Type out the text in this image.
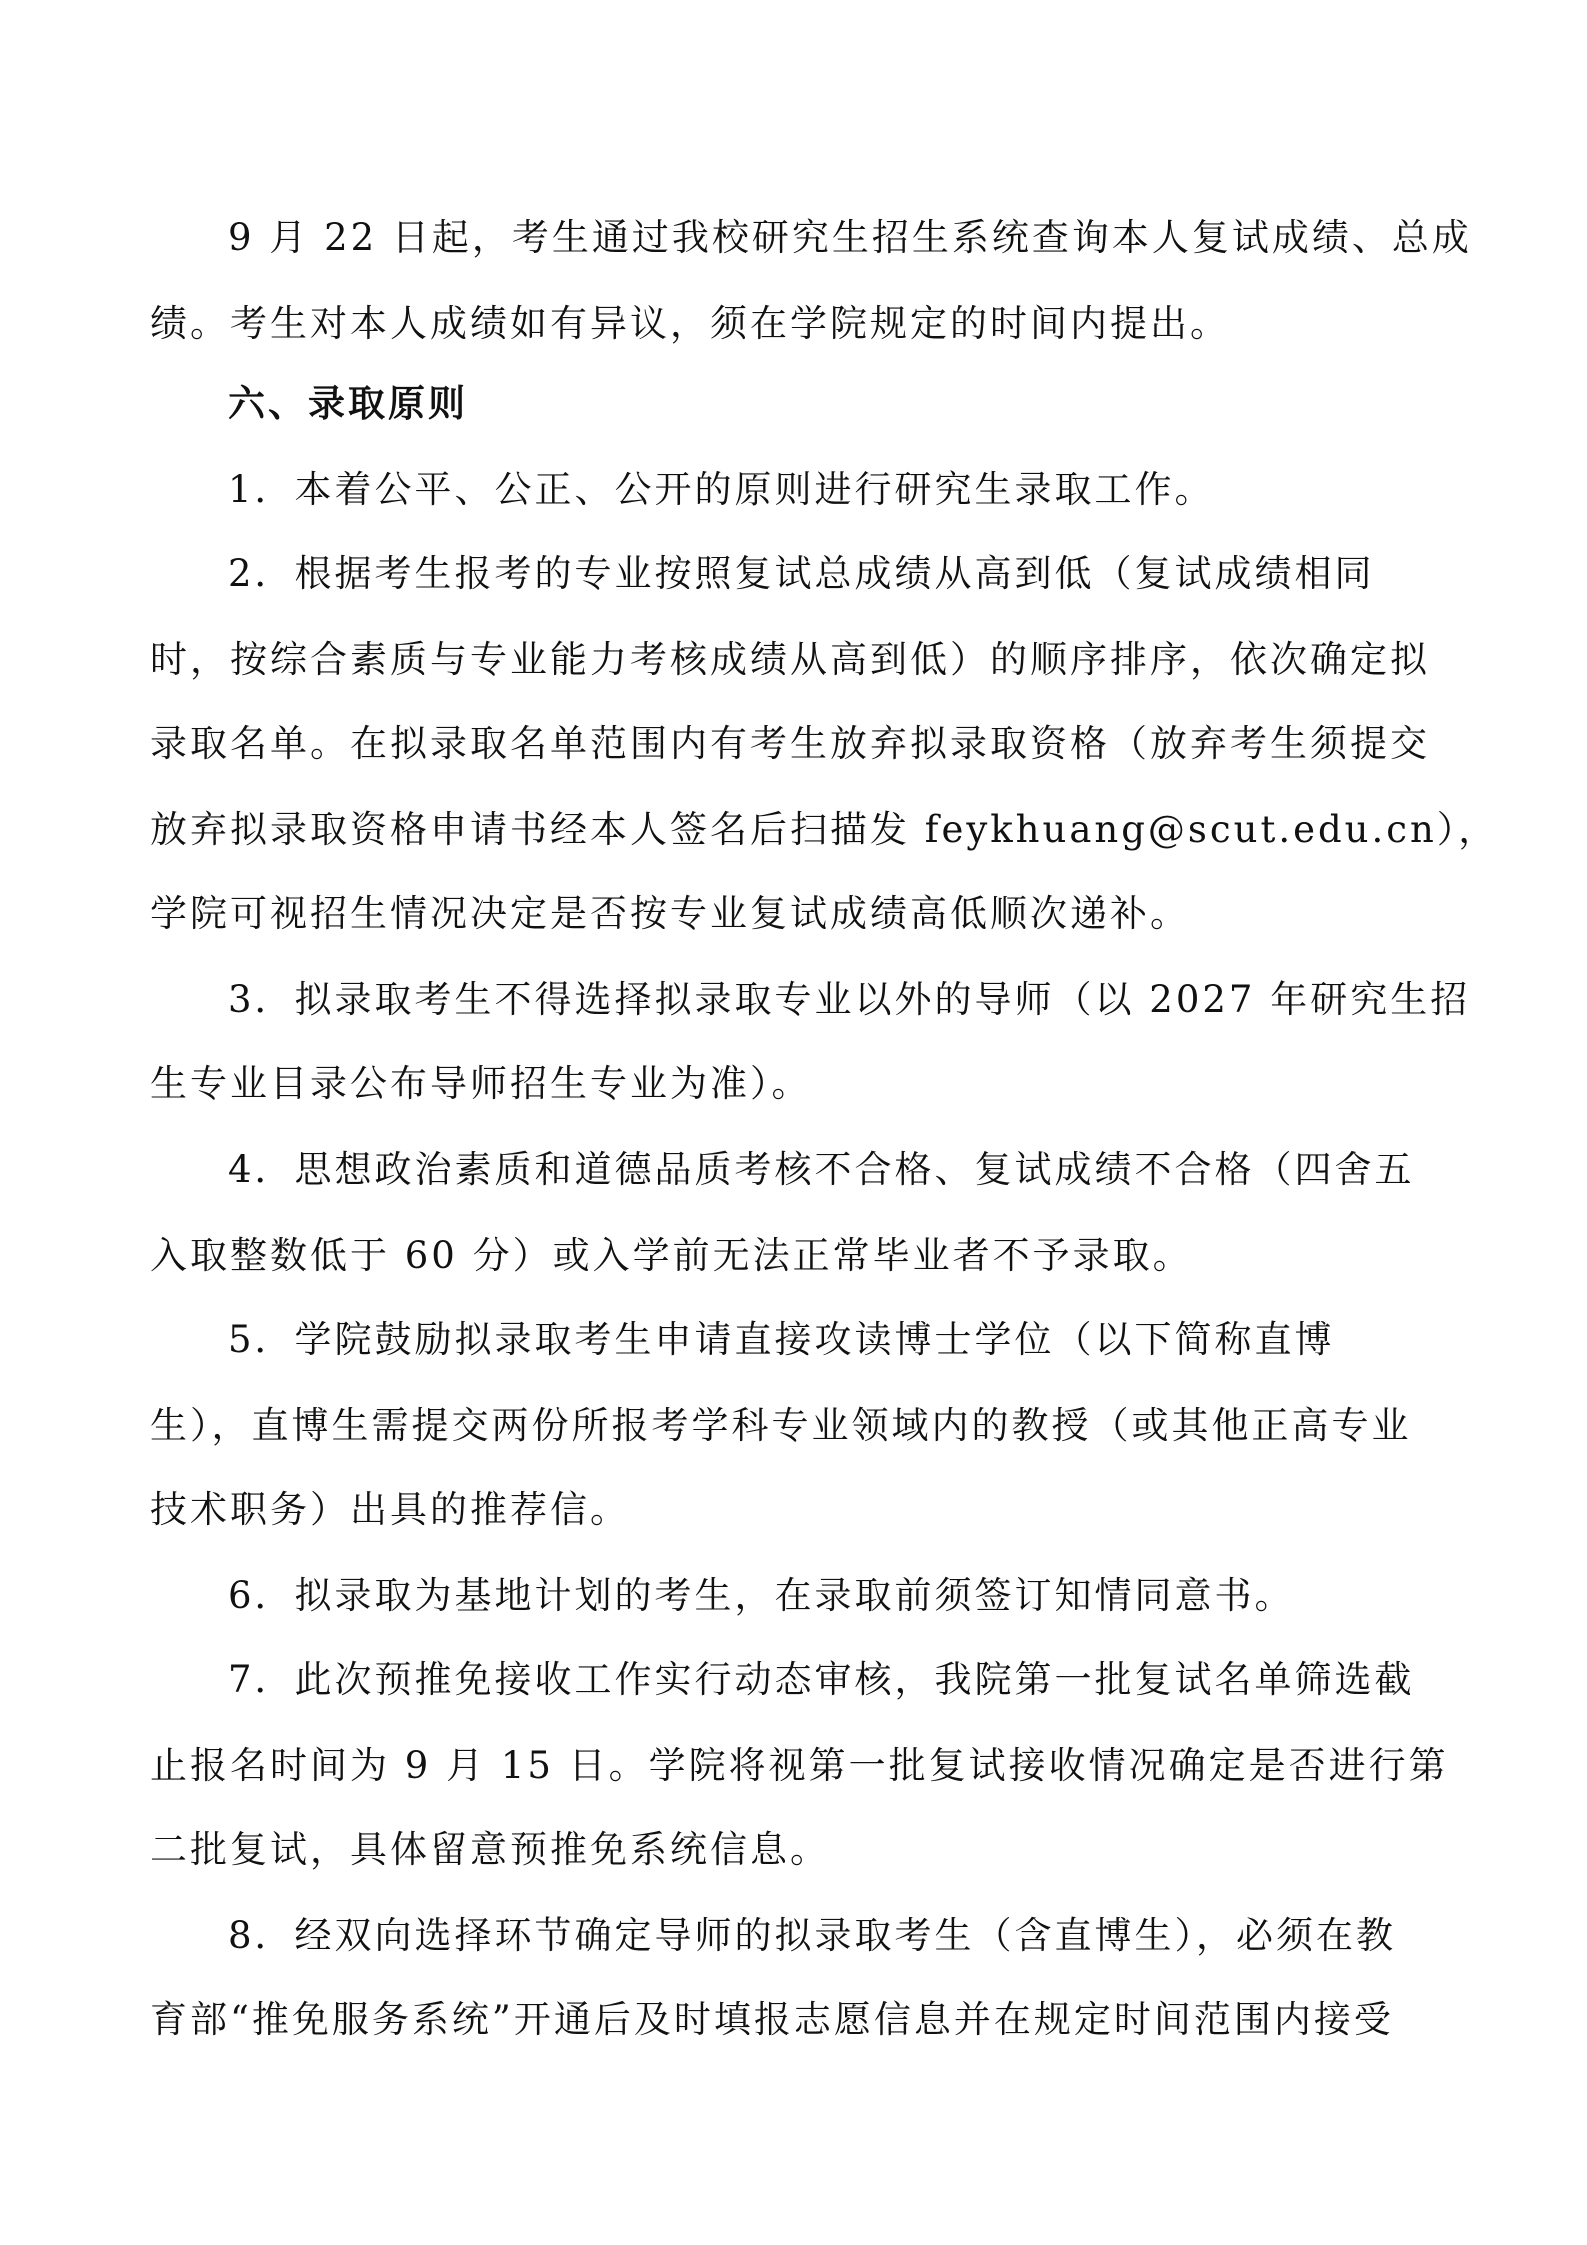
9 月 22 日起，考生通过我校研究生招生系统查询本人复试成绩、总成
绩。考生对本人成绩如有异议，须在学院规定的时间内提出。
六、录取原则
1．本着公平、公正、公开的原则进行研究生录取工作。
2．根据考生报考的专业按照复试总成绩从高到低（复试成绩相同
时，按综合素质与专业能力考核成绩从高到低）的顺序排序，依次确定拟
录取名单。在拟录取名单范围内有考生放弃拟录取资格（放弃考生须提交
放弃拟录取资格申请书经本人签名后扫描发 feykhuang@scut.edu.cn），
学院可视招生情况决定是否按专业复试成绩高低顺次递补。
3．拟录取考生不得选择拟录取专业以外的导师（以 2027 年研究生招
生专业目录公布导师招生专业为准）。
4．思想政治素质和道德品质考核不合格、复试成绩不合格（四舍五
入取整数低于 60 分）或入学前无法正常毕业者不予录取。
5．学院鼓励拟录取考生申请直接攻读博士学位（以下简称直博
生），直博生需提交两份所报考学科专业领域内的教授（或其他正高专业
技术职务）出具的推荐信。
6．拟录取为基地计划的考生，在录取前须签订知情同意书。
7．此次预推免接收工作实行动态审核，我院第一批复试名单筛选截
止报名时间为 9 月 15 日。学院将视第一批复试接收情况确定是否进行第
二批复试，具体留意预推免系统信息。
8．经双向选择环节确定导师的拟录取考生（含直博生），必须在教
育部“推免服务系统”开通后及时填报志愿信息并在规定时间范围内接受
